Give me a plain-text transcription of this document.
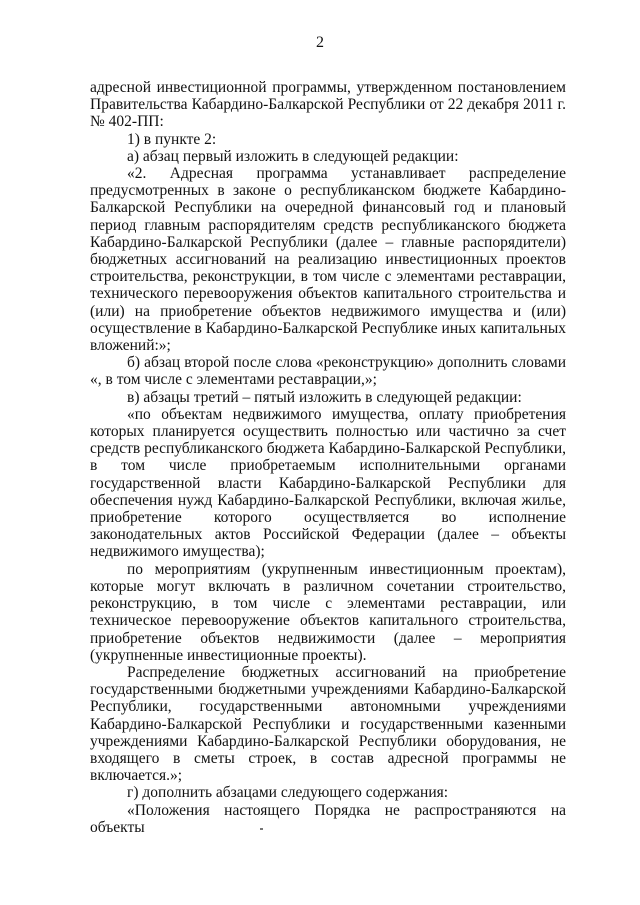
2

адресной инвестиционной программы, утвержденном постановлением Правительства Кабардино-Балкарской Республики от 22 декабря 2011 г. № 402-ПП:

1) в пункте 2:

а) абзац первый изложить в следующей редакции:

«2. Адресная программа устанавливает распределение предусмотренных в законе о республиканском бюджете Кабардино-Балкарской Республики на очередной финансовый год и плановый период главным распорядителям средств республиканского бюджета Кабардино-Балкарской Республики (далее – главные распорядители) бюджетных ассигнований на реализацию инвестиционных проектов строительства, реконструкции, в том числе с элементами реставрации, технического перевооружения объектов капитального строительства и (или) на приобретение объектов недвижимого имущества и (или) осуществление в Кабардино-Балкарской Республике иных капитальных вложений:»;

б) абзац второй после слова «реконструкцию» дополнить словами «, в том числе с элементами реставрации,»;

в) абзацы третий – пятый изложить в следующей редакции:

«по объектам недвижимого имущества, оплату приобретения которых планируется осуществить полностью или частично за счет средств республиканского бюджета Кабардино-Балкарской Республики, в том числе приобретаемым исполнительными органами государственной власти Кабардино-Балкарской Республики для обеспечения нужд Кабардино-Балкарской Республики, включая жилье, приобретение которого осуществляется во исполнение законодательных актов Российской Федерации (далее – объекты недвижимого имущества);

по мероприятиям (укрупненным инвестиционным проектам), которые могут включать в различном сочетании строительство, реконструкцию, в том числе с элементами реставрации, или техническое перевооружение объектов капитального строительства, приобретение объектов недвижимости (далее – мероприятия (укрупненные инвестиционные проекты).

Распределение бюджетных ассигнований на приобретение государственными бюджетными учреждениями Кабардино-Балкарской Республики, государственными автономными учреждениями Кабардино-Балкарской Республики и государственными казенными учреждениями Кабардино-Балкарской Республики оборудования, не входящего в сметы строек, в состав адресной программы не включается.»;

г) дополнить абзацами следующего содержания:

«Положения настоящего Порядка не распространяются на объекты
